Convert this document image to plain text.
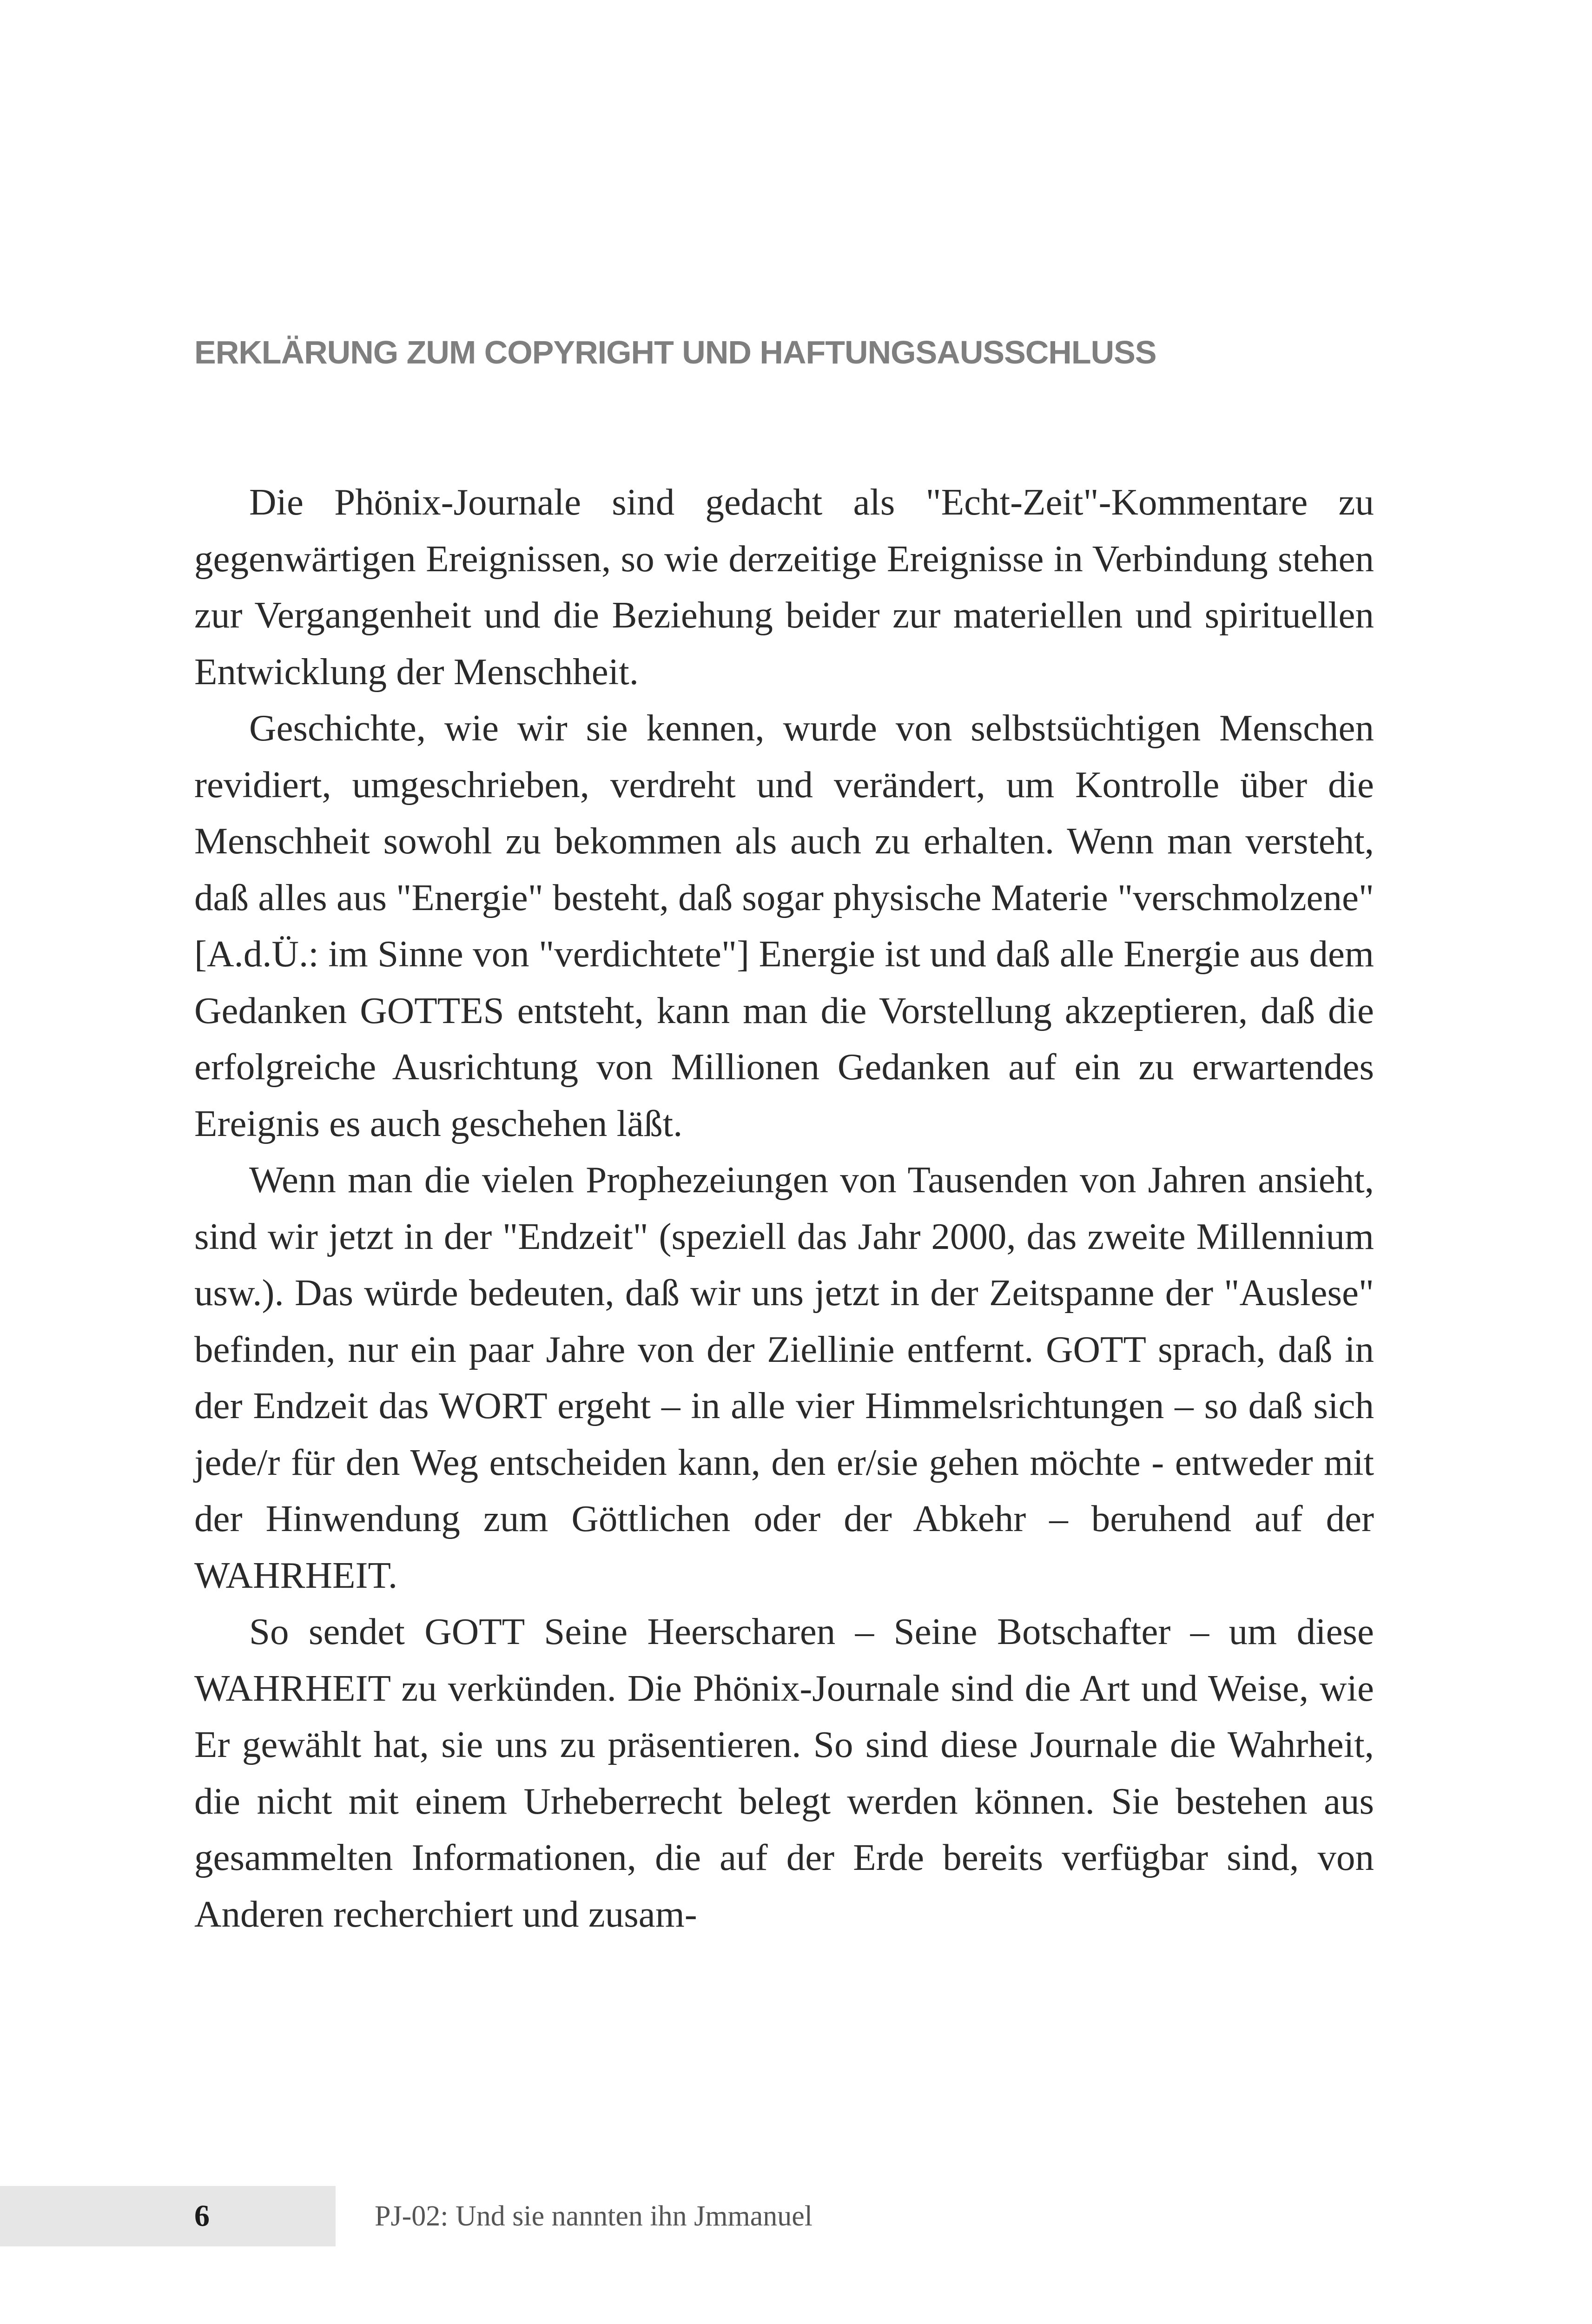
ERKLÄRUNG ZUM COPYRIGHT UND HAFTUNGSAUSSCHLUSS

Die Phönix-Journale sind gedacht als "Echt-Zeit"-Kommentare zu gegenwärtigen Ereignissen, so wie derzeitige Ereignisse in Verbindung stehen zur Vergangenheit und die Beziehung beider zur materiellen und spirituellen Entwicklung der Menschheit.

Geschichte, wie wir sie kennen, wurde von selbstsüchtigen Menschen revidiert, umgeschrieben, verdreht und verändert, um Kontrolle über die Menschheit sowohl zu bekommen als auch zu erhalten. Wenn man versteht, daß alles aus "Energie" besteht, daß sogar physische Materie "verschmolzene" [A.d.Ü.: im Sinne von "verdichtete"] Energie ist und daß alle Energie aus dem Gedanken GOTTES entsteht, kann man die Vorstellung akzeptieren, daß die erfolgreiche Ausrichtung von Millionen Gedanken auf ein zu erwartendes Ereignis es auch geschehen läßt.

Wenn man die vielen Prophezeiungen von Tausenden von Jahren ansieht, sind wir jetzt in der "Endzeit" (speziell das Jahr 2000, das zweite Millennium usw.). Das würde bedeuten, daß wir uns jetzt in der Zeitspanne der "Auslese" befinden, nur ein paar Jahre von der Ziellinie entfernt. GOTT sprach, daß in der Endzeit das WORT ergeht – in alle vier Himmelsrichtungen – so daß sich jede/r für den Weg entscheiden kann, den er/sie gehen möchte - entweder mit der Hinwendung zum Göttlichen oder der Abkehr – beruhend auf der WAHRHEIT.

So sendet GOTT Seine Heerscharen – Seine Botschafter – um diese WAHRHEIT zu verkünden. Die Phönix-Journale sind die Art und Weise, wie Er gewählt hat, sie uns zu präsentieren. So sind diese Journale die Wahrheit, die nicht mit einem Urheberrecht belegt werden können. Sie bestehen aus gesammelten Informationen, die auf der Erde bereits verfügbar sind, von Anderen recherchiert und zusam-

6	PJ-02: Und sie nannten ihn Jmmanuel
